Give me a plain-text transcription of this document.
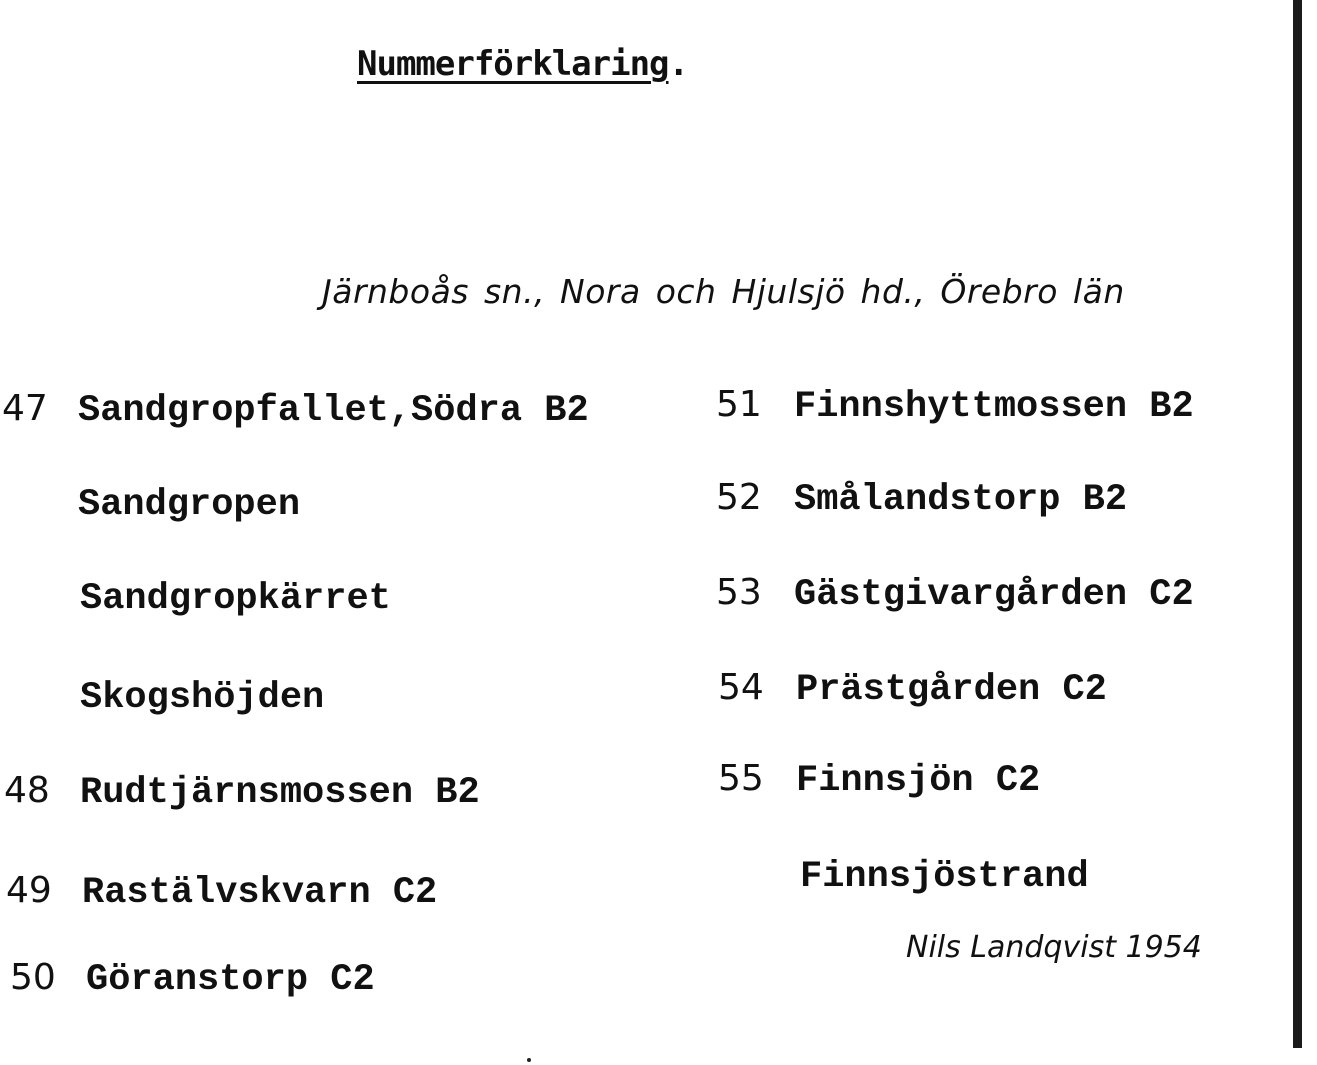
Nummerförklaring.
Järnboås sn., Nora och Hjulsjö hd., Örebro län
47 Sandgropfallet,Södra B2
Sandgropen
Sandgropkärret
Skogshöjden
48 Rudtjärnsmossen B2
49 Rastälvskvarn C2
50 Göranstorp C2
51 Finnshyttmossen B2
52 Smålandstorp B2
53 Gästgivargården C2
54 Prästgården C2
55 Finnsjön C2
Finnsjöstrand
Nils Landqvist 1954
